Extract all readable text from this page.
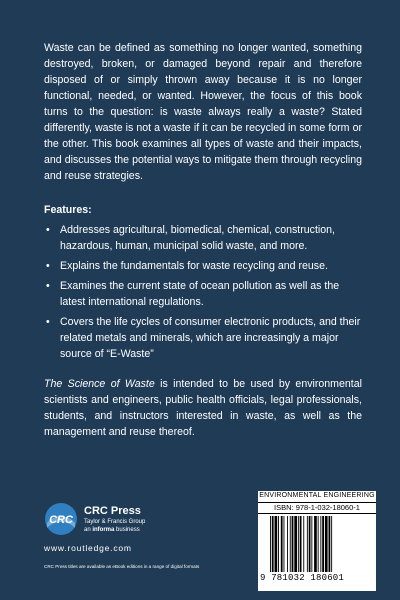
Waste can be defined as something no longer wanted, something destroyed, broken, or damaged beyond repair and therefore disposed of or simply thrown away because it is no longer functional, needed, or wanted. However, the focus of this book turns to the question: is waste always really a waste? Stated differently, waste is not a waste if it can be recycled in some form or the other. This book examines all types of waste and their impacts, and discusses the potential ways to mitigate them through recycling and reuse strategies.

Features:

• Addresses agricultural, biomedical, chemical, construction, hazardous, human, municipal solid waste, and more.
• Explains the fundamentals for waste recycling and reuse.
• Examines the current state of ocean pollution as well as the latest international regulations.
• Covers the life cycles of consumer electronic products, and their related metals and minerals, which are increasingly a major source of “E-Waste”

The Science of Waste is intended to be used by environmental scientists and engineers, public health officials, legal professionals, students, and instructors interested in waste, as well as the management and reuse thereof.

CRC
CRC Press
Taylor & Francis Group
an informa business
www.routledge.com
CRC Press titles are available as eBook editions in a range of digital formats
ENVIRONMENTAL ENGINEERING
ISBN: 978-1-032-18060-1
9 781032 180601
